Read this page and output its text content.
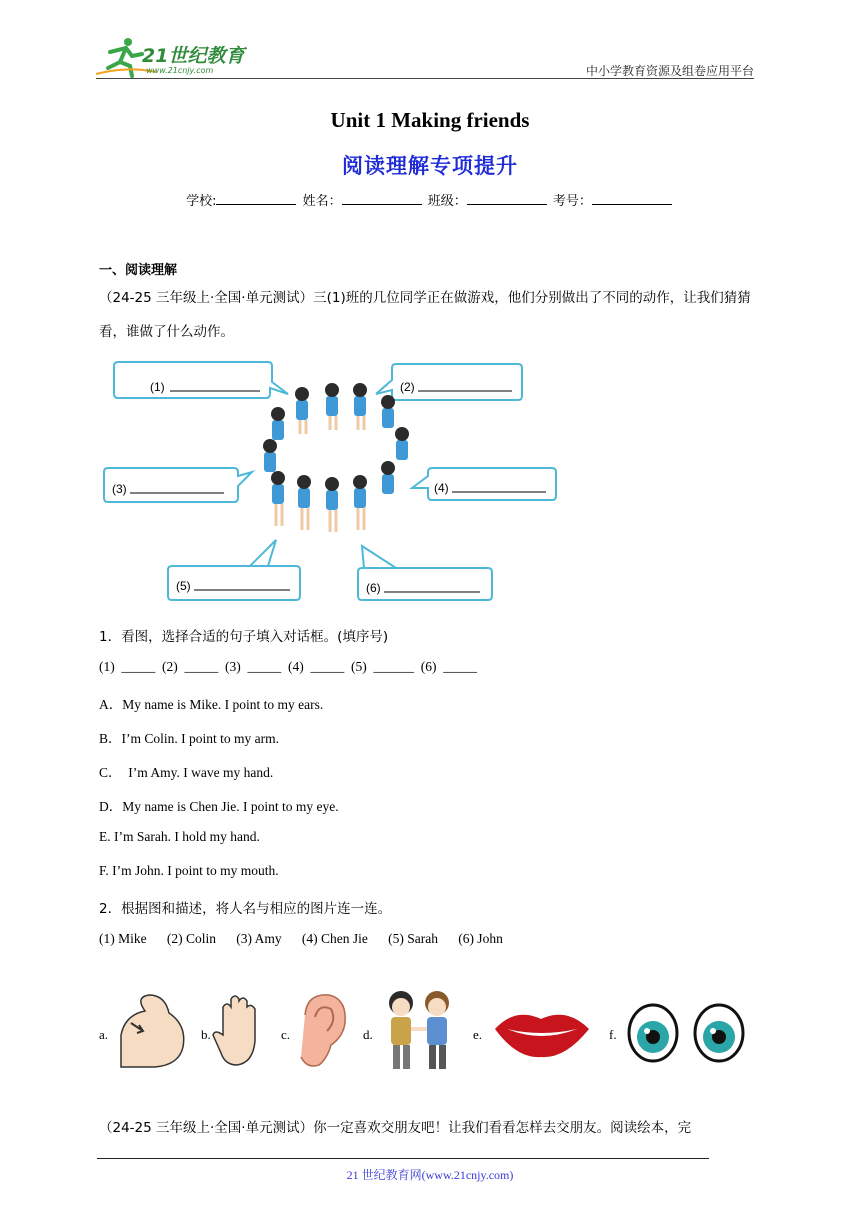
21世纪教育
www.21cnjy.com	中小学教育资源及组卷应用平台
Unit 1 Making friends
阅读理解专项提升
学校:	姓名：	班级：	考号：
一、阅读理解
（24-25 三年级上·全国·单元测试）三(1)班的几位同学正在做游戏，他们分别做出了不同的动作，让我们猜猜看，谁做了什么动作。
(1)	(2)
(3)	(4)
(5)	(6)
1．看图，选择合适的句子填入对话框。(填序号)
(1)  _____  (2)  _____  (3)  _____  (4)  _____  (5)  ______  (6)  _____
A．My name is Mike. I point to my ears.
B．I’m Colin. I point to my arm.
C．  I’m Amy. I wave my hand.
D．My name is Chen Jie. I point to my eye.
E. I’m Sarah. I hold my hand.
F. I’m John. I point to my mouth.
2．根据图和描述，将人名与相应的图片连一连。
(1) Mike      (2) Colin      (3) Amy      (4) Chen Jie      (5) Sarah      (6) John
a.	b.	c.	d.	e.	f.
（24-25 三年级上·全国·单元测试）你一定喜欢交朋友吧！让我们看看怎样去交朋友。阅读绘本，完
21 世纪教育网(www.21cnjy.com)
